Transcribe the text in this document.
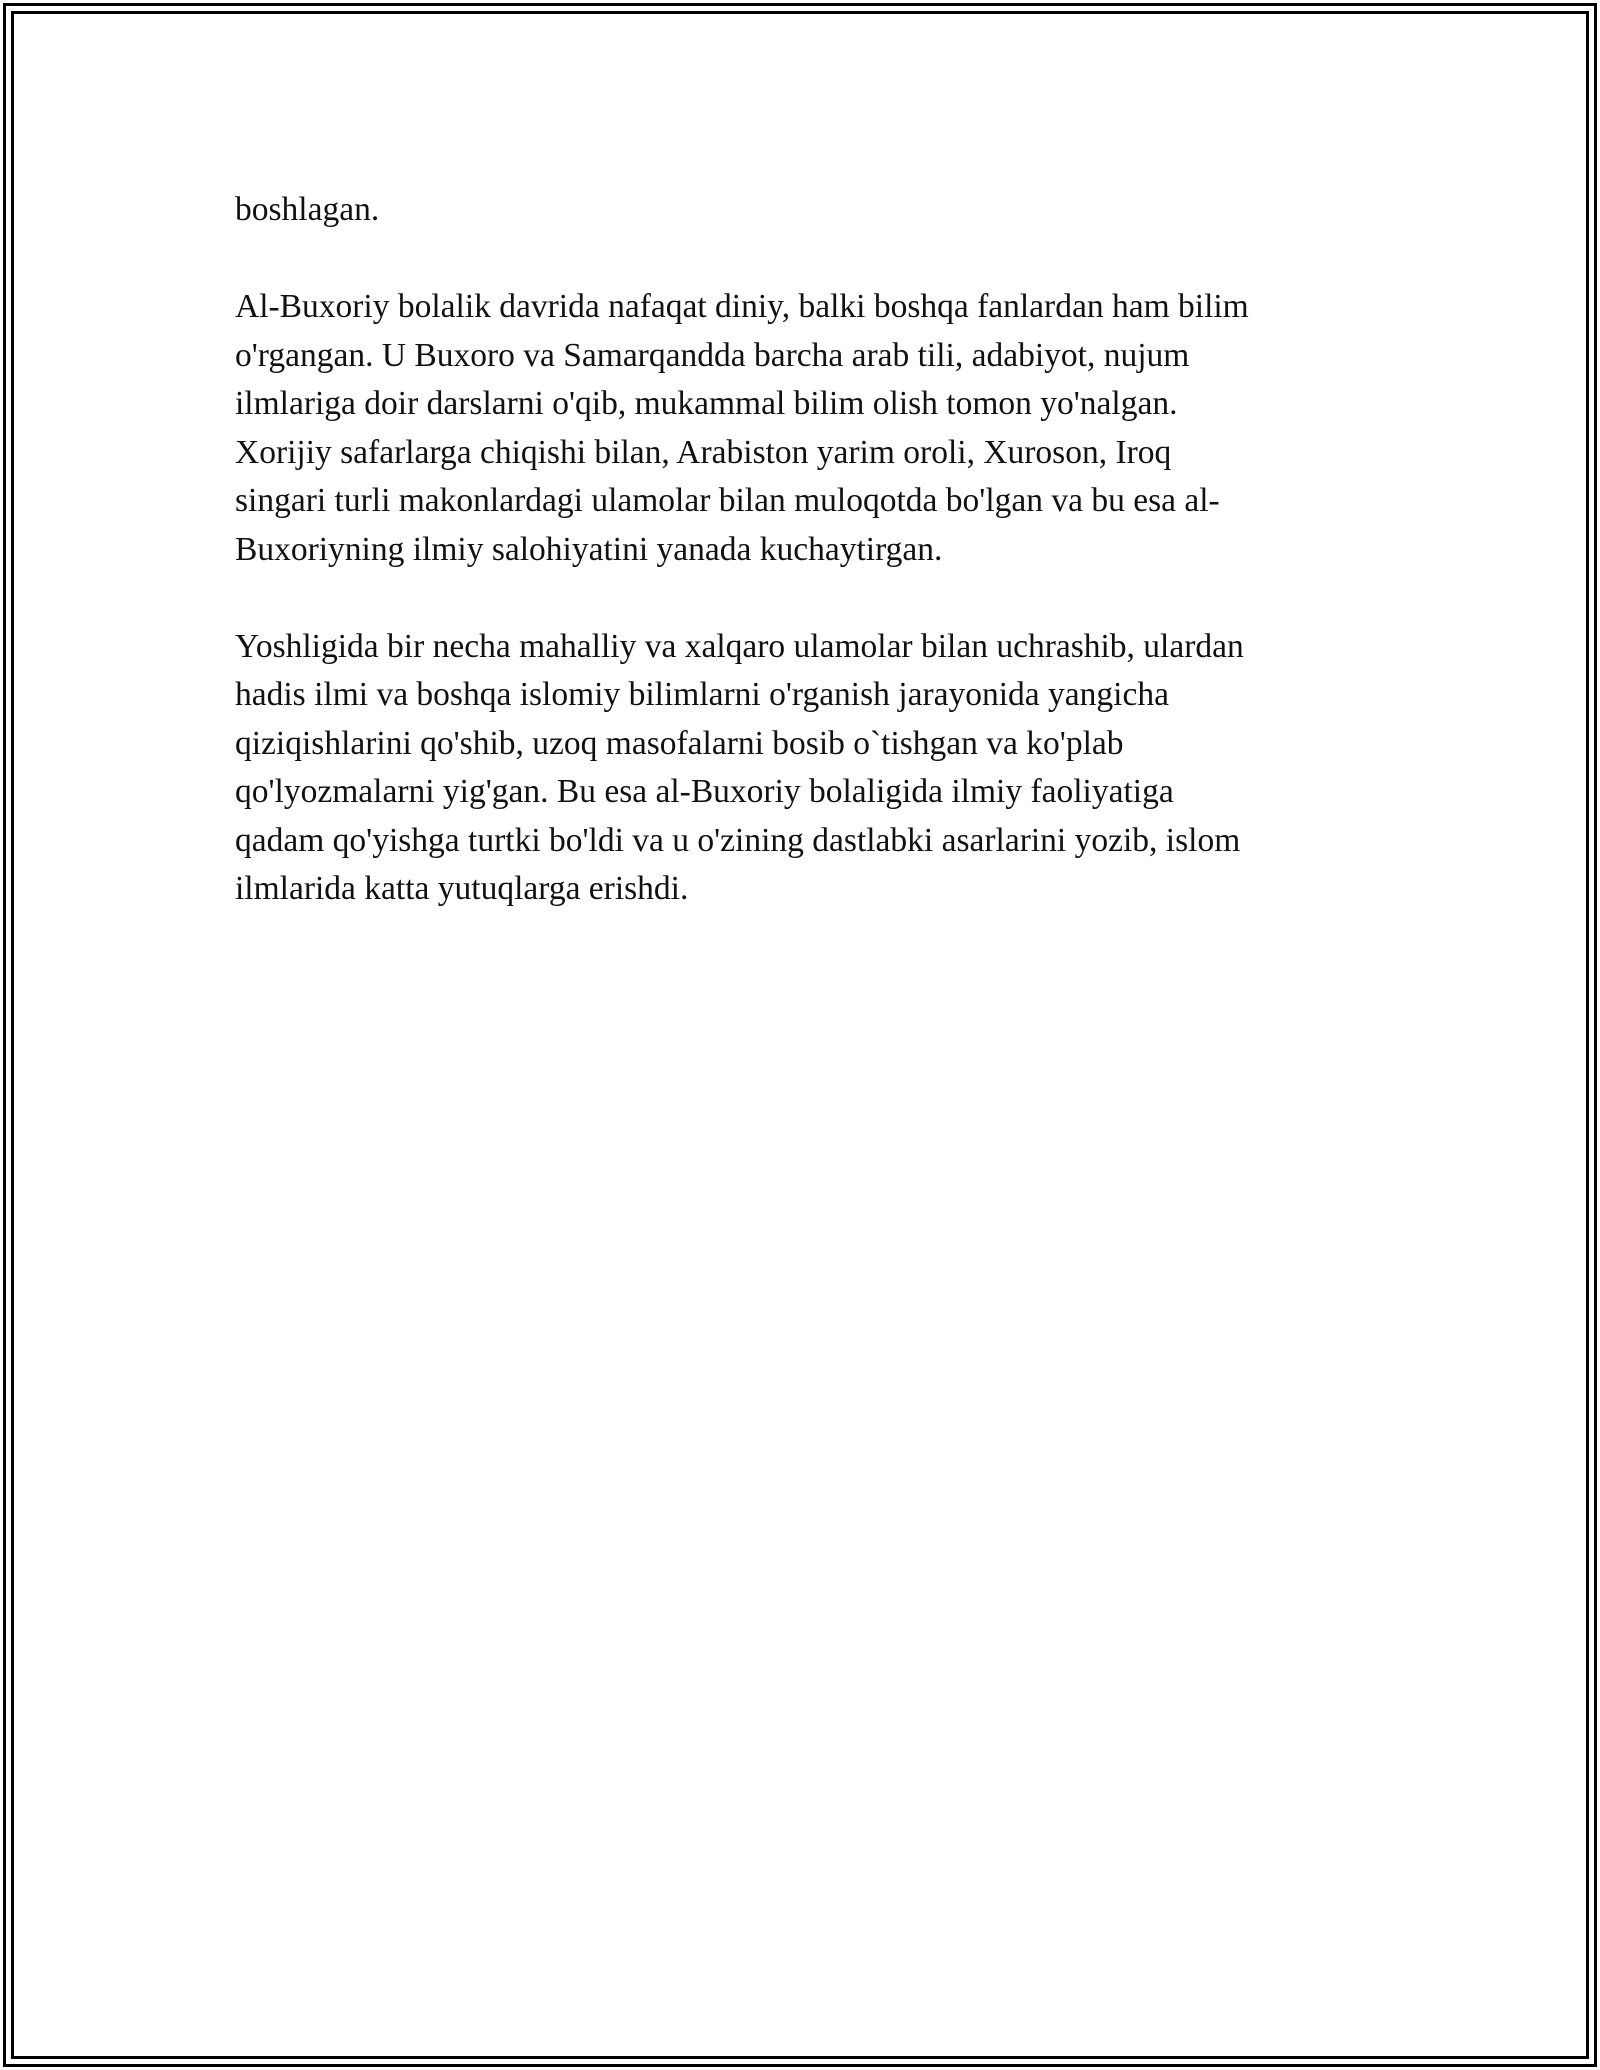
boshlagan.

Al-Buxoriy bolalik davrida nafaqat diniy, balki boshqa fanlardan ham bilim
o'rgangan. U Buxoro va Samarqandda barcha arab tili, adabiyot, nujum
ilmlariga doir darslarni o'qib, mukammal bilim olish tomon yo'nalgan.
Xorijiy safarlarga chiqishi bilan, Arabiston yarim oroli, Xuroson, Iroq
singari turli makonlardagi ulamolar bilan muloqotda bo'lgan va bu esa al-
Buxoriyning ilmiy salohiyatini yanada kuchaytirgan.

Yoshligida bir necha mahalliy va xalqaro ulamolar bilan uchrashib, ulardan
hadis ilmi va boshqa islomiy bilimlarni o'rganish jarayonida yangicha
qiziqishlarini qo'shib, uzoq masofalarni bosib o`tishgan va ko'plab
qo'lyozmalarni yig'gan. Bu esa al-Buxoriy bolaligida ilmiy faoliyatiga
qadam qo'yishga turtki bo'ldi va u o'zining dastlabki asarlarini yozib, islom
ilmlarida katta yutuqlarga erishdi.
